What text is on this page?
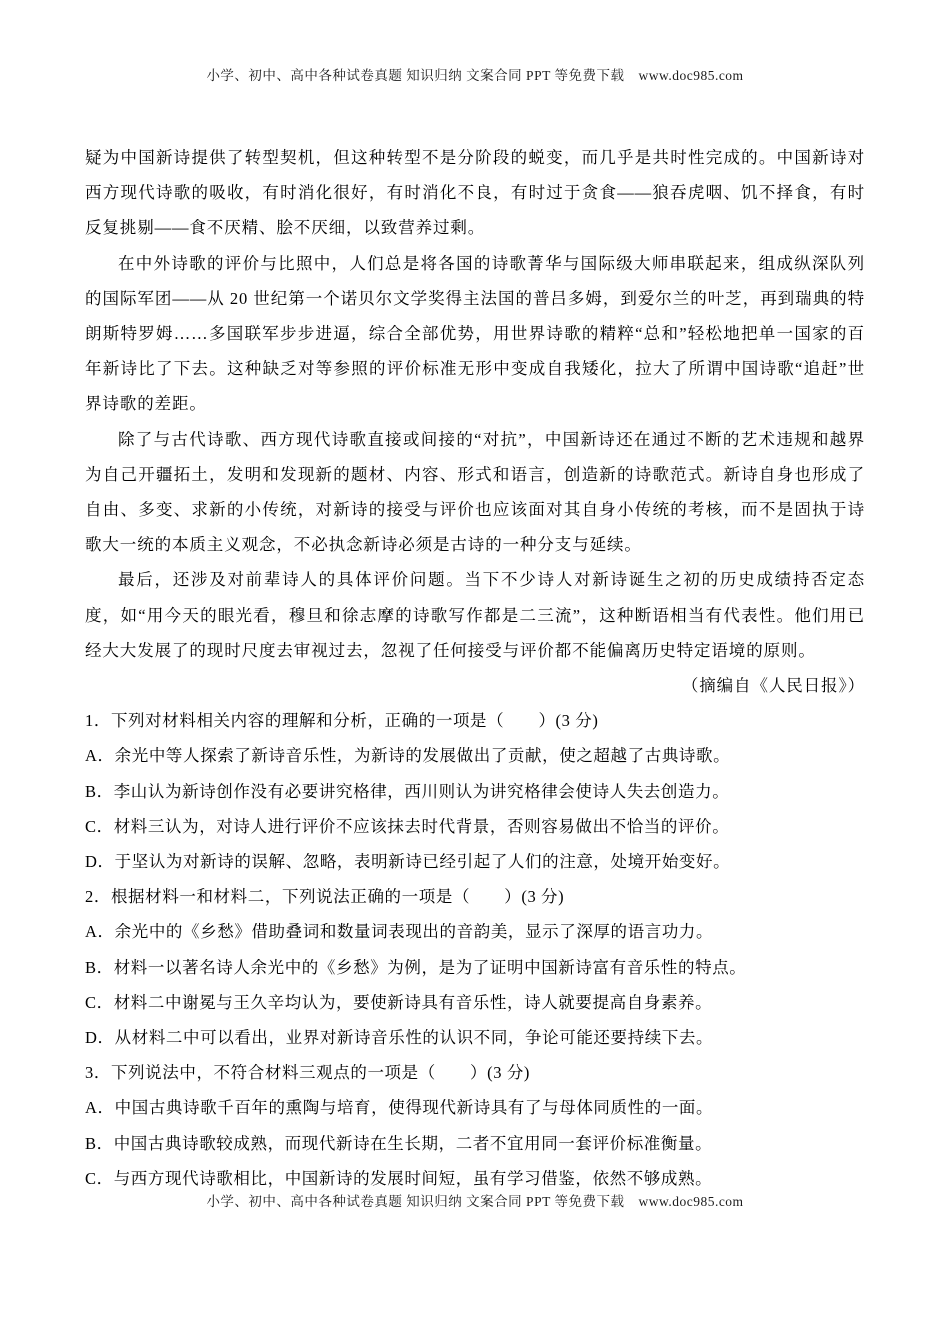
小学、初中、高中各种试卷真题 知识归纳 文案合同 PPT 等免费下载　www.doc985.com

疑为中国新诗提供了转型契机，但这种转型不是分阶段的蜕变，而几乎是共时性完成的。中国新诗对西方现代诗歌的吸收，有时消化很好，有时消化不良，有时过于贪食——狼吞虎咽、饥不择食，有时反复挑剔——食不厌精、脍不厌细，以致营养过剩。

在中外诗歌的评价与比照中，人们总是将各国的诗歌菁华与国际级大师串联起来，组成纵深队列的国际军团——从 20 世纪第一个诺贝尔文学奖得主法国的普吕多姆，到爱尔兰的叶芝，再到瑞典的特朗斯特罗姆……多国联军步步进逼，综合全部优势，用世界诗歌的精粹“总和”轻松地把单一国家的百年新诗比了下去。这种缺乏对等参照的评价标准无形中变成自我矮化，拉大了所谓中国诗歌“追赶”世界诗歌的差距。

除了与古代诗歌、西方现代诗歌直接或间接的“对抗”，中国新诗还在通过不断的艺术违规和越界为自己开疆拓土，发明和发现新的题材、内容、形式和语言，创造新的诗歌范式。新诗自身也形成了自由、多变、求新的小传统，对新诗的接受与评价也应该面对其自身小传统的考核，而不是固执于诗歌大一统的本质主义观念，不必执念新诗必须是古诗的一种分支与延续。

最后，还涉及对前辈诗人的具体评价问题。当下不少诗人对新诗诞生之初的历史成绩持否定态度，如“用今天的眼光看，穆旦和徐志摩的诗歌写作都是二三流”，这种断语相当有代表性。他们用已经大大发展了的现时尺度去审视过去，忽视了任何接受与评价都不能偏离历史特定语境的原则。

（摘编自《人民日报》）

1．下列对材料相关内容的理解和分析，正确的一项是（　　）(3 分)

A．余光中等人探索了新诗音乐性，为新诗的发展做出了贡献，使之超越了古典诗歌。

B．李山认为新诗创作没有必要讲究格律，西川则认为讲究格律会使诗人失去创造力。

C．材料三认为，对诗人进行评价不应该抹去时代背景，否则容易做出不恰当的评价。

D．于坚认为对新诗的误解、忽略，表明新诗已经引起了人们的注意，处境开始变好。

2．根据材料一和材料二，下列说法正确的一项是（　　）(3 分)

A．余光中的《乡愁》借助叠词和数量词表现出的音韵美，显示了深厚的语言功力。

B．材料一以著名诗人余光中的《乡愁》为例，是为了证明中国新诗富有音乐性的特点。

C．材料二中谢冕与王久辛均认为，要使新诗具有音乐性，诗人就要提高自身素养。

D．从材料二中可以看出，业界对新诗音乐性的认识不同，争论可能还要持续下去。

3．下列说法中，不符合材料三观点的一项是（　　）(3 分)

A．中国古典诗歌千百年的熏陶与培育，使得现代新诗具有了与母体同质性的一面。

B．中国古典诗歌较成熟，而现代新诗在生长期，二者不宜用同一套评价标准衡量。

C．与西方现代诗歌相比，中国新诗的发展时间短，虽有学习借鉴，依然不够成熟。

小学、初中、高中各种试卷真题 知识归纳 文案合同 PPT 等免费下载　www.doc985.com
